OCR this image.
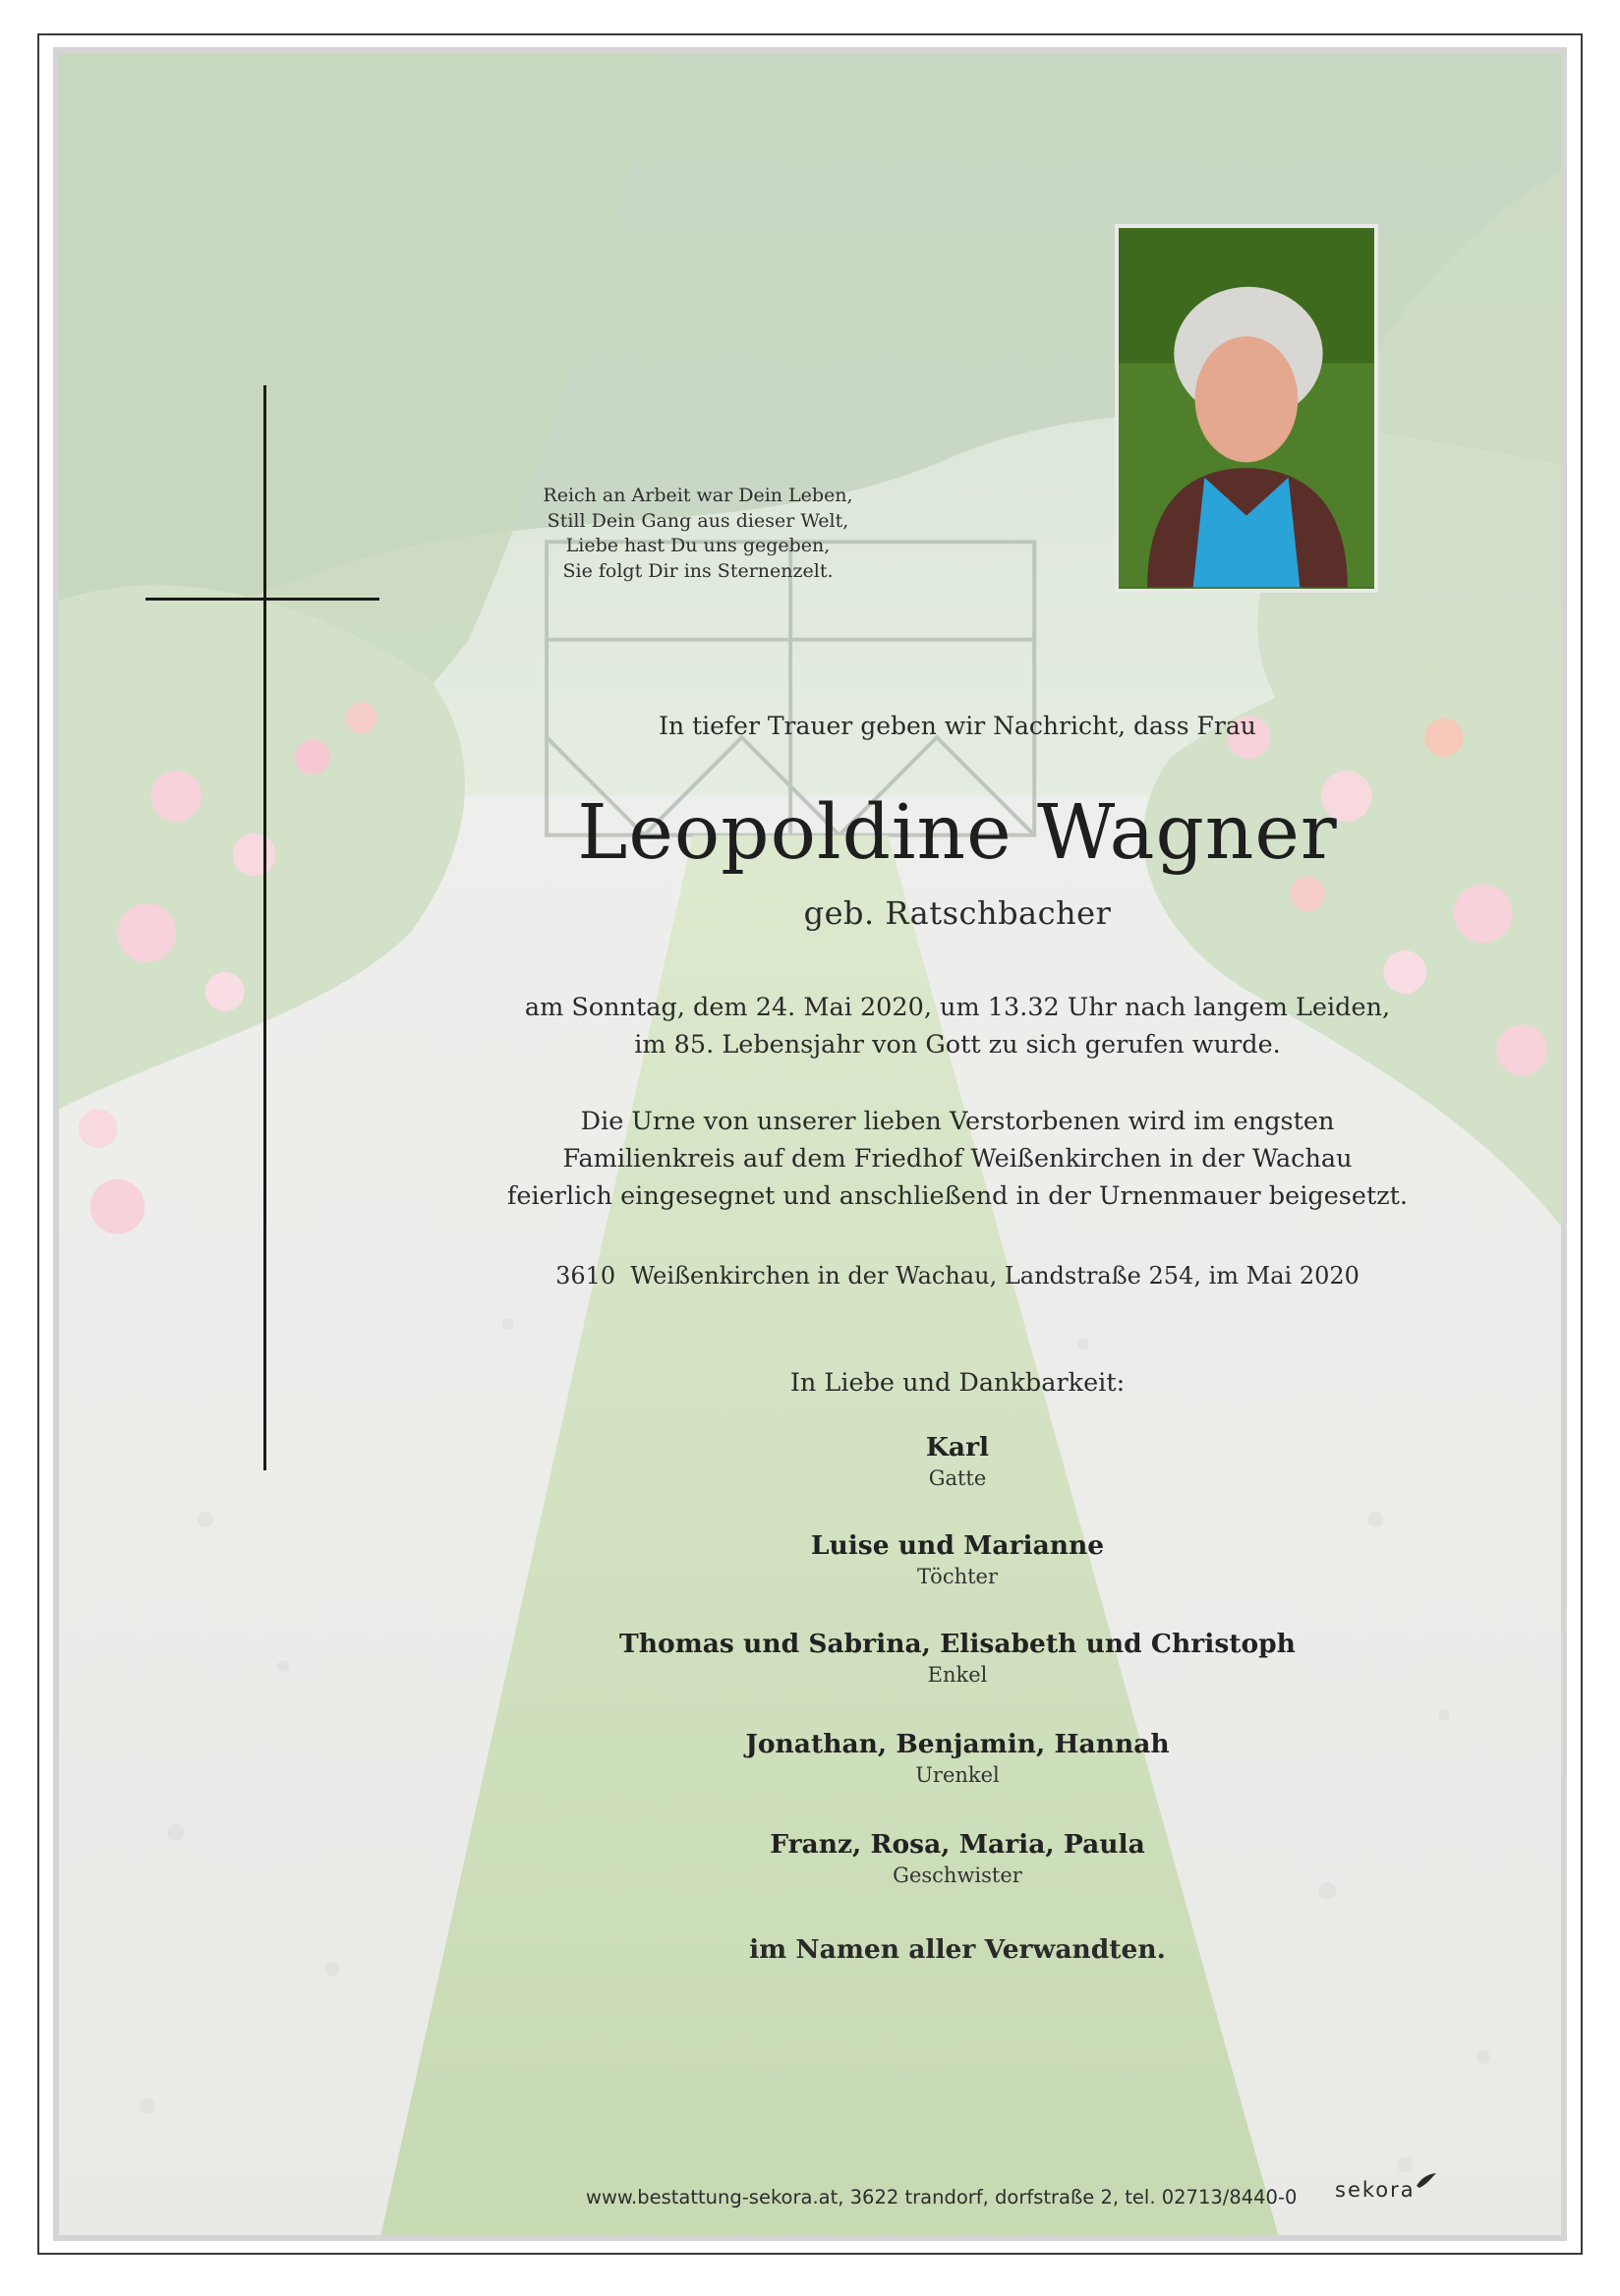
Reich an Arbeit war Dein Leben,
Still Dein Gang aus dieser Welt,
Liebe hast Du uns gegeben,
Sie folgt Dir ins Sternenzelt.
In tiefer Trauer geben wir Nachricht, dass Frau
Leopoldine Wagner
geb. Ratschbacher
am Sonntag, dem 24. Mai 2020, um 13.32 Uhr nach langem Leiden,
im 85. Lebensjahr von Gott zu sich gerufen wurde.
Die Urne von unserer lieben Verstorbenen wird im engsten
Familienkreis auf dem Friedhof Weißenkirchen in der Wachau
feierlich eingesegnet und anschließend in der Urnenmauer beigesetzt.
3610  Weißenkirchen in der Wachau, Landstraße 254, im Mai 2020
In Liebe und Dankbarkeit:
Karl
Gatte
Luise und Marianne
Töchter
Thomas und Sabrina, Elisabeth und Christoph
Enkel
Jonathan, Benjamin, Hannah
Urenkel
Franz, Rosa, Maria, Paula
Geschwister
im Namen aller Verwandten.
www.bestattung-sekora.at, 3622 trandorf, dorfstraße 2, tel. 02713/8440-0	sekora
